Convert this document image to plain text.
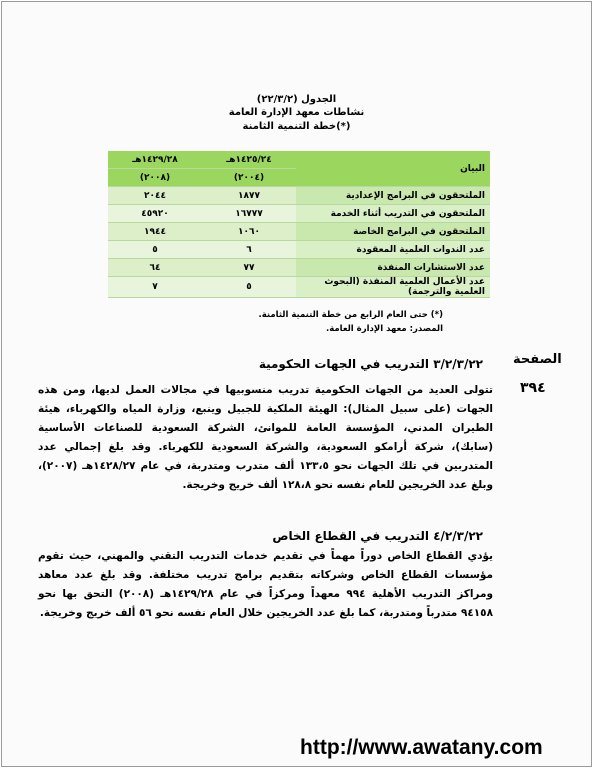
الجدول (٢٢/٣/٢)
نشاطات معهد الإدارة العامة
خطة التنمية الثامنة(*)
البيان	١٤٢٥/٢٤هـ	١٤٢٩/٢٨هـ
	(٢٠٠٤)	(٢٠٠٨)
الملتحقون في البرامج الإعدادية	١٨٧٧	٢٠٤٤
الملتحقون في التدريب أثناء الخدمة	١٦٧٧٧	٤٥٩٢٠
الملتحقون في البرامج الخاصة	١٠٦٠	١٩٤٤
عدد الندوات العلمية المعقودة	٦	٥
عدد الاستشارات المنفذة	٧٧	٦٤
عدد الأعمال العلمية المنفذة (البحوث العلمية والترجمة)	٥	٧
(*) حتى العام الرابع من خطة التنمية الثامنة.
المصدر: معهد الإدارة العامة.
الصفحة
٣٩٤
٣/٢/٣/٢٢ التدريب في الجهات الحكومية
تتولى العديد من الجهات الحكومية تدريب منسوبيها في مجالات العمل لديها، ومن هذه الجهات (على سبيل المثال): الهيئة الملكية للجبيل وينبع، وزارة المياه والكهرباء، هيئة الطيران المدني، المؤسسة العامة للموانئ، الشركة السعودية للصناعات الأساسية (سابك)، شركة أرامكو السعودية، والشركة السعودية للكهرباء. وقد بلغ إجمالي عدد المتدربين في تلك الجهات نحو ١٣٣،٥ ألف متدرب ومتدربة، في عام ١٤٢٨/٢٧هـ (٢٠٠٧)، وبلغ عدد الخريجين للعام نفسه نحو ١٢٨،٨ ألف خريج وخريجة.
٤/٢/٣/٢٢ التدريب في القطاع الخاص
يؤدي القطاع الخاص دوراً مهماً في تقديم خدمات التدريب التقني والمهني، حيث تقوم مؤسسات القطاع الخاص وشركاته بتقديم برامج تدريب مختلفة. وقد بلغ عدد معاهد ومراكز التدريب الأهلية ٩٩٤ معهداً ومركزاً في عام ١٤٢٩/٢٨هـ (٢٠٠٨) التحق بها نحو ٩٤١٥٨ متدرباً ومتدربة، كما بلغ عدد الخريجين خلال العام نفسه نحو ٥٦ ألف خريج وخريجة.
http://www.awatany.com
